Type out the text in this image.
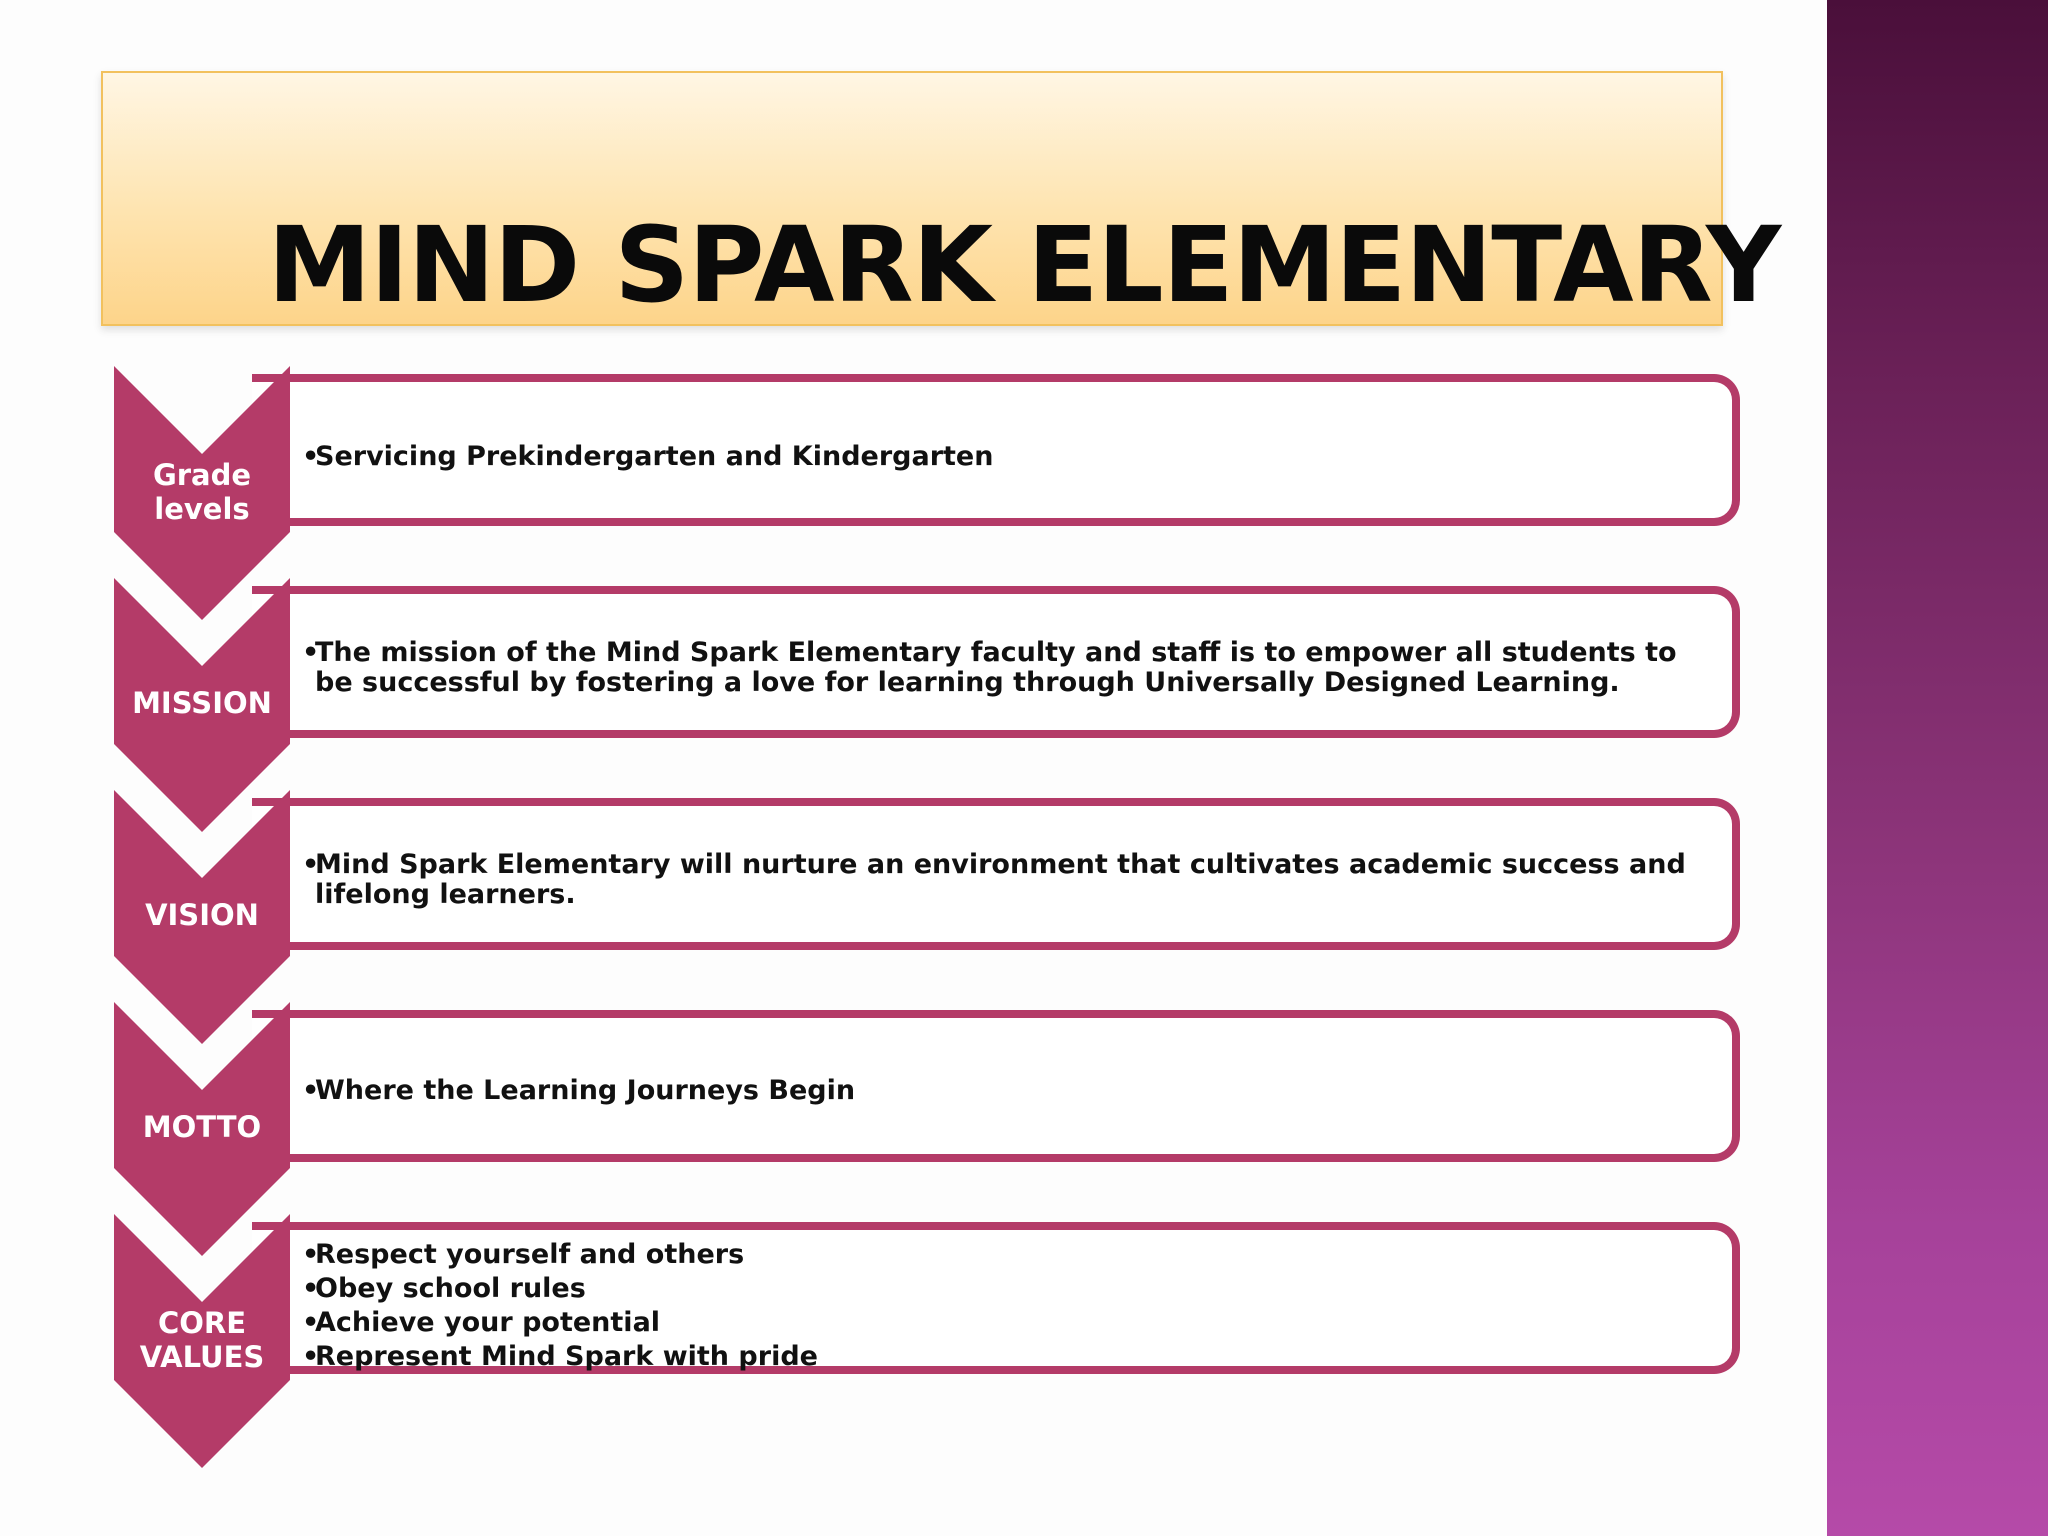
MIND SPARK ELEMENTARY
• Servicing Prekindergarten and Kindergarten
Grade levels
• The mission of the Mind Spark Elementary faculty and staff is to empower all students to be successful by fostering a love for learning through Universally Designed Learning.
MISSION
• Mind Spark Elementary will nurture an environment that cultivates academic success and lifelong learners.
VISION
• Where the Learning Journeys Begin
MOTTO
• Respect yourself and others
• Obey school rules
• Achieve your potential
• Represent Mind Spark with pride
CORE VALUES
